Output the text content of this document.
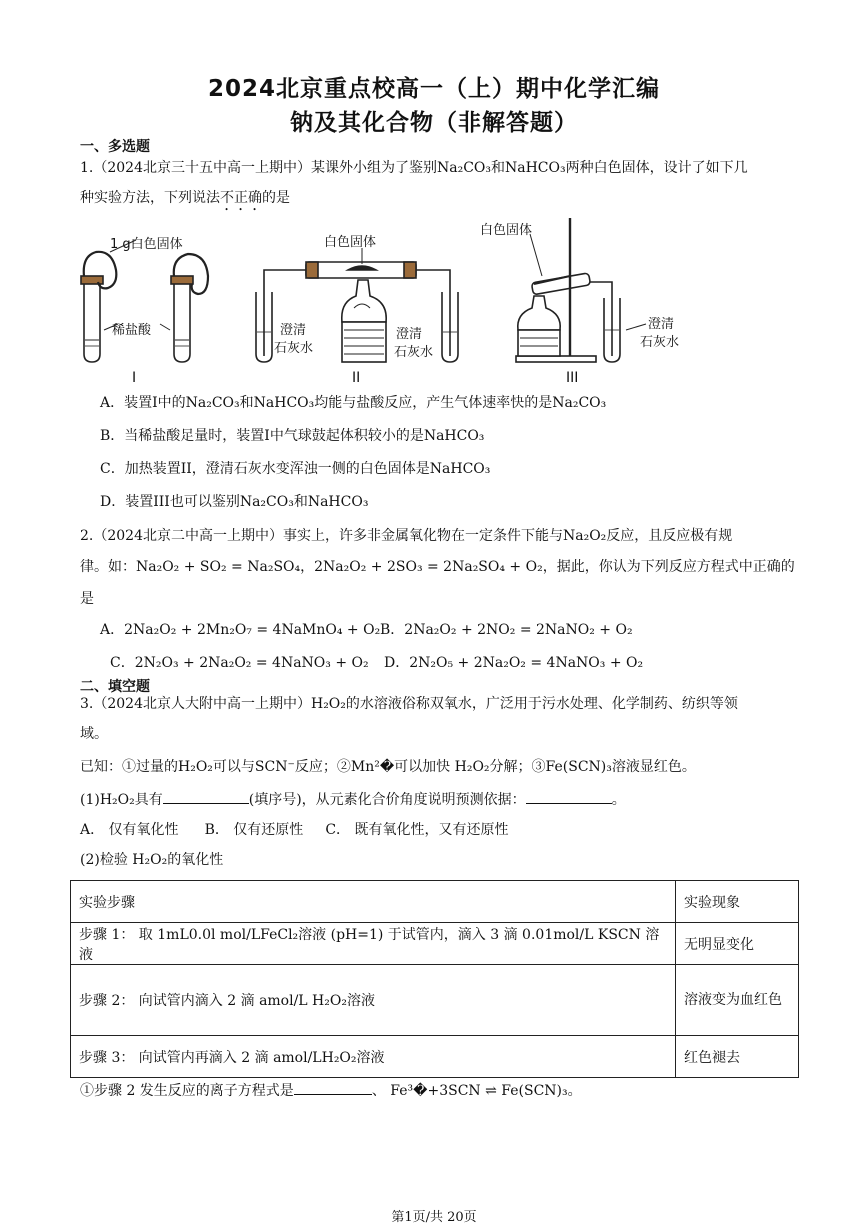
2024北京重点校高一（上）期中化学汇编
钠及其化合物（非解答题）
一、多选题
1.（2024北京三十五中高一上期中）某课外小组为了鉴别Na₂CO₃和NaHCO₃两种白色固体，设计了如下几
种实验方法，下列说法不正确的是
1 g白色固体
稀盐酸
白色固体
澄清
石灰水
澄清
石灰水
白色固体
澄清
石灰水
I	II	III
A．装置I中的Na₂CO₃和NaHCO₃均能与盐酸反应，产生气体速率快的是Na₂CO₃
B．当稀盐酸足量时，装置I中气球鼓起体积较小的是NaHCO₃
C．加热装置II，澄清石灰水变浑浊一侧的白色固体是NaHCO₃
D．装置III也可以鉴别Na₂CO₃和NaHCO₃
2.（2024北京二中高一上期中）事实上，许多非金属氧化物在一定条件下能与Na₂O₂反应，且反应极有规
律。如：Na₂O₂ + SO₂ = Na₂SO₄，2Na₂O₂ + 2SO₃ = 2Na₂SO₄ + O₂，据此，你认为下列反应方程式中正确的
是
A．2Na₂O₂ + 2Mn₂O₇ = 4NaMnO₄ + O₂ B．2Na₂O₂ + 2NO₂ = 2NaNO₂ + O₂
C．2N₂O₃ + 2Na₂O₂ = 4NaNO₃ + O₂ D．2N₂O₅ + 2Na₂O₂ = 4NaNO₃ + O₂
二、填空题
3.（2024北京人大附中高一上期中）H₂O₂的水溶液俗称双氧水，广泛用于污水处理、化学制药、纺织等领
域。
已知：①过量的H₂O₂可以与SCN⁻反应；②Mn²�可以加快 H₂O₂分解；③Fe(SCN)₃溶液显红色。
(1)H₂O₂具有	(填序号)，从元素化合价角度说明预测依据：	。
A． 仅有氧化性 B． 仅有还原性 C． 既有氧化性，又有还原性
(2)检验 H₂O₂的氧化性
实验步骤	实验现象
步骤 1： 取 1mL0.0l mol/LFeCl₂溶液 (pH=1) 于试管内，滴入 3 滴 0.01mol/L KSCN 溶液	无明显变化
步骤 2： 向试管内滴入 2 滴 amol/L H₂O₂溶液	溶液变为血红色
步骤 3： 向试管内再滴入 2 滴 amol/LH₂O₂溶液	红色褪去
①步骤 2 发生反应的离子方程式是	、 Fe³�+3SCN ⇌ Fe(SCN)₃。
第1页/共 20页
